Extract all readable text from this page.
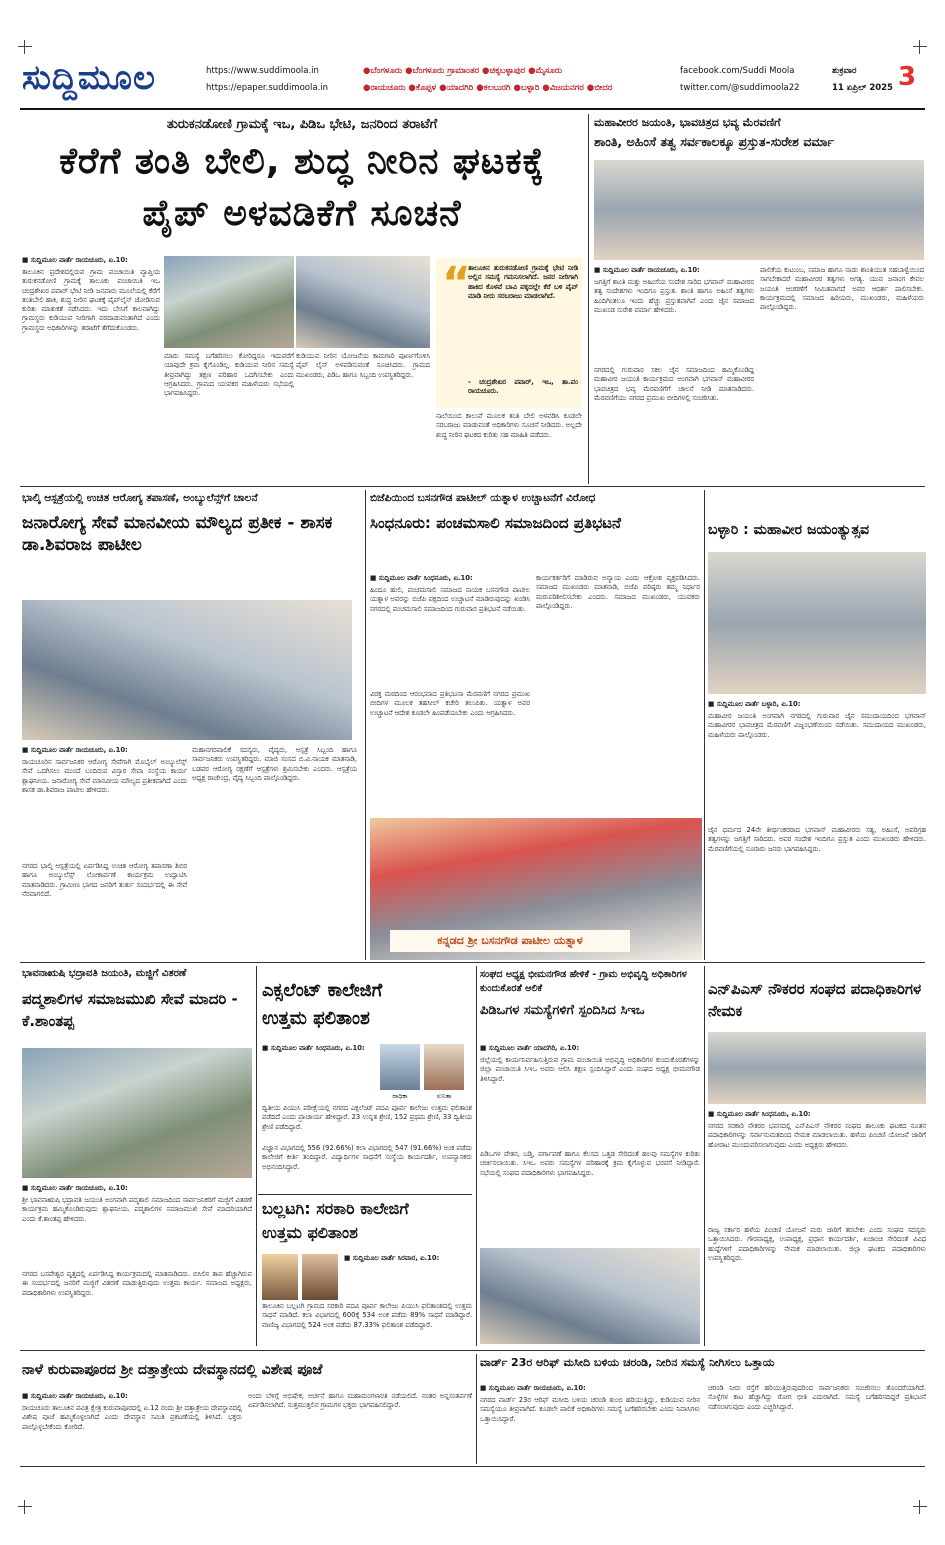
ಸುದ್ದಿಮೂಲ	https://www.suddimoola.in
https://epaper.suddimoola.in
●ಬೆಂಗಳೂರು ●ಬೆಂಗಳೂರು ಗ್ರಾಮಾಂತರ ●ಚಿಕ್ಕಬಳ್ಳಾಪುರ ●ಮೈಸೂರು
●ರಾಯಚೂರು ●ಕೊಪ್ಪಳ ●ಯಾದಗಿರಿ ●ಕಲಬುರಗಿ ●ಬಳ್ಳಾರಿ ●ವಿಜಯನಗರ ●ಬೀದರ
facebook.com/Suddi Moola
twitter.com/@suddimoola22
ಶುಕ್ರವಾರ
11 ಏಪ್ರಿಲ್ 2025 3
ತುರುಕನಡೋಣಿ ಗ್ರಾಮಕ್ಕೆ ಇಒ, ಪಿಡಿಒ ಭೇಟಿ, ಜನರಿಂದ ತರಾಟೆಗೆ
ಕೆರೆಗೆ ತಂತಿ ಬೇಲಿ, ಶುದ್ಧ ನೀರಿನ ಘಟಕಕ್ಕೆ
ಪೈಪ್ ಅಳವಡಿಕೆಗೆ ಸೂಚನೆ
■ ಸುದ್ದಿಮೂಲ ವಾರ್ತೆ ರಾಯಚೂರು, ಏ.10:
ತಾಲೂಕಿನ ಪ್ರದೇಶದಲ್ಲಿರುವ ಗ್ರಾಮ ಪಂಚಾಯಿತಿ ವ್ಯಾಪ್ತಿಯ ತುರುಕನಡೋಣಿ ಗ್ರಾಮಕ್ಕೆ ತಾಲೂಕು ಪಂಚಾಯಿತಿ ಇಒ ಚಂದ್ರಶೇಖರ ಪವಾರ್ ಭೇಟಿ ನೀಡಿ ಜನವಾರು ಮೂಲೆಯಲ್ಲಿ ಕೆರೆಗೆ ತಂತಿಬೇಲಿ ಹಾಕಿ, ಶುದ್ಧ ನೀರಿನ ಘಟಕಕ್ಕೆ ಪೈಪ್‌ಲೈನ್ ಜೋಡಿಸುವ ಕುರಿತು ಮಾತುಕತೆ ನಡೆಸಿದರು. ಇದು ಬೇಸಿಗೆ ಕಾಲವಾಗಿದ್ದು ಗ್ರಾಮಸ್ಥರು ಕುಡಿಯುವ ನೀರಿಗಾಗಿ ಪರದಾಡುವಂತಾಗಿದೆ ಎಂದು ಗ್ರಾಮಸ್ಥರು ಅಧಿಕಾರಿಗಳನ್ನು ತರಾಟೆಗೆ ತೆಗೆದುಕೊಂಡರು.
ಮಾರು ಸಮಸ್ಯೆ ಬಗೆಹರಿಸಲು ಕೋರಿದ್ದರೂ ಇದುವರೆಗೆ ಯಾವುದೇ ಕ್ರಮ ಕೈಗೊಂಡಿಲ್ಲ. ಕುಡಿಯುವ ನೀರಿನ ಸಮಸ್ಯೆ ತೀವ್ರವಾಗಿದ್ದು ತಕ್ಷಣ ಪರಿಹಾರ ಒದಗಿಸಬೇಕು ಎಂದು ಆಗ್ರಹಿಸಿದರು. ಗ್ರಾಮದ ಯುವಕರ ಮಹಿಳೆಯರು ಸಭೆಯಲ್ಲಿ ಭಾಗವಹಿಸಿದ್ದರು.
ಕುಡಿಯುವ ನೀರಿನ ಯೋಜನೆಯ ಕಾಮಗಾರಿ ಪೂರ್ಣಗೊಳಿಸಿ ಪೈಪ್ ಲೈನ್ ಅಳವಡಿಸುವಂತೆ ಸೂಚಿಸಿದರು. ಗ್ರಾಮದ ಮುಖಂಡರು, ಪಿಡಿಒ ಹಾಗೂ ಸಿಬ್ಬಂದಿ ಉಪಸ್ಥಿತರಿದ್ದರು.
“
ತಾಲೂಕಿನ ತುರುಕನಡೋಣಿ ಗ್ರಾಮಕ್ಕೆ ಭೇಟಿ ನೀಡಿ ಅಲ್ಲಿನ ಸಮಸ್ಯೆ ಗಮನಿಸಲಾಗಿದೆ. ಜನರ ನೀರಿಗಾಗಿ ಹಾಕಿದ ಕೊಳವೆ ಬಾವಿ ಪಕ್ಕದಲ್ಲೇ ಕೆರೆ ಬಳಿ ಪೈಪ್ ಮಾಡಿ ನೀರು ಸರಬರಾಜು ಮಾಡಲಾಗಿದೆ.
- ಚಂದ್ರಶೇಖರ ಪವಾರ್, ಇಒ, ತಾ.ಪಂ ರಾಯಚೂರು.
ನಾಲೆಯಿಂದ ಕಾಲುವೆ ಮೂಲಕ ತಂತಿ ಬೇಲಿ ಅಳವಡಿಸಿ ಕೂಡಲೇ ಸರಬರಾಜು ಮಾಡುವಂತೆ ಅಧಿಕಾರಿಗಳು ಸೂಚನೆ ನೀಡಿದರು. ಅಲ್ಲದೇ ಶುದ್ಧ ನೀರಿನ ಘಟಕದ ಕುರಿತು ಸಹ ಮಾಹಿತಿ ಪಡೆದರು.
ಮಹಾವೀರರ ಜಯಂತಿ, ಭಾವಚಿತ್ರದ ಭವ್ಯ ಮೆರವಣಿಗೆ
ಶಾಂತಿ, ಅಹಿಂಸೆ ತತ್ವ ಸರ್ವಕಾಲಕ್ಕೂ ಪ್ರಸ್ತುತ-ಸುರೇಶ ವರ್ಮಾ
■ ಸುದ್ದಿಮೂಲ ವಾರ್ತೆ ರಾಯಚೂರು, ಏ.10:
ಜಗತ್ತಿಗೆ ಶಾಂತಿ ಮತ್ತು ಅಹಿಂಸೆಯ ಸಂದೇಶ ಸಾರಿದ ಭಗವಾನ್ ಮಹಾವೀರರ ತತ್ವ ಸಂದೇಶಗಳು ಇಂದಿಗೂ ಪ್ರಸ್ತುತ. ಶಾಂತಿ ಹಾಗೂ ಅಹಿಂಸೆ ತತ್ವಗಳು ಹಿಂದಿಗಿಂತಲೂ ಇಂದು ಹೆಚ್ಚು ಪ್ರಸ್ತುತವಾಗಿವೆ ಎಂದು ಜೈನ ಸಮಾಜದ ಮುಖಂಡ ಸುರೇಶ ವರ್ಮಾ ಹೇಳಿದರು.
ನಗರದಲ್ಲಿ ಗುರುವಾರ ಸಕಲ ಜೈನ ಸಮಾಜದಿಂದ ಹಮ್ಮಿಕೊಂಡಿದ್ದ ಮಹಾವೀರ ಜಯಂತಿ ಕಾರ್ಯಕ್ರಮದ ಅಂಗವಾಗಿ ಭಗವಾನ್ ಮಹಾವೀರರ ಭಾವಚಿತ್ರದ ಭವ್ಯ ಮೆರವಣಿಗೆಗೆ ಚಾಲನೆ ನೀಡಿ ಮಾತನಾಡಿದರು. ಮೆರವಣಿಗೆಯು ನಗರದ ಪ್ರಮುಖ ಬೀದಿಗಳಲ್ಲಿ ಸಂಚರಿಸಿತು.
ಪಾಲಿಕೆಯ ಕುಟುಂಬ, ಸಮಾಜ ಹಾಗೂ ನಾಡು ಶಾಂತಿಯುತ ಸಹಬಾಳ್ವೆಯಿಂದ ಸಾಗಬೇಕಾದರೆ ಮಹಾವೀರರ ತತ್ವಗಳು ಅಗತ್ಯ. ಯುವ ಜನಾಂಗ ಕೇವಲ ಜಯಂತಿ ಆಚರಣೆಗೆ ಸೀಮಿತವಾಗದೆ ಅವರ ಆದರ್ಶ ಪಾಲಿಸಬೇಕು. ಕಾರ್ಯಕ್ರಮದಲ್ಲಿ ಸಮಾಜದ ಹಿರಿಯರು, ಮುಖಂಡರು, ಮಹಿಳೆಯರು ಪಾಲ್ಗೊಂಡಿದ್ದರು.
ಭಾಲ್ಕಿ ಆಸ್ಪತ್ರೆಯಲ್ಲಿ ಉಚಿತ ಆರೋಗ್ಯ ತಪಾಸಣೆ, ಅಂಬ್ಯುಲೆನ್ಸ್‌ಗೆ ಚಾಲನೆ
ಜನಾರೋಗ್ಯ ಸೇವೆ ಮಾನವೀಯ ಮೌಲ್ಯದ ಪ್ರತೀಕ - ಶಾಸಕ ಡಾ.ಶಿವರಾಜ ಪಾಟೀಲ
■ ಸುದ್ದಿಮೂಲ ವಾರ್ತೆ ರಾಯಚೂರು, ಏ.10:
ರಾಯಚೂರಿನ ಸಾರ್ವಜನಿಕರ ಆರೋಗ್ಯ ಸೇವೆಗಾಗಿ ಮೊಬೈಲ್ ಅಂಬ್ಯುಲೆನ್ಸ್ ಸೇವೆ ಒದಗಿಸಲು ಮುಂದೆ ಬಂದಿರುವ ವಿಸ್ತಾರ ಸೇವಾ ಸಂಸ್ಥೆಯ ಕಾರ್ಯ ಶ್ಲಾಘನೀಯ. ಜನಾರೋಗ್ಯ ಸೇವೆ ಮಾನವೀಯ ಮೌಲ್ಯದ ಪ್ರತೀಕವಾಗಿದೆ ಎಂದು ಶಾಸಕ ಡಾ.ಶಿವರಾಜ ಪಾಟೀಲ ಹೇಳಿದರು.
ನಗರದ ಭಾಲ್ಕಿ ಆಸ್ಪತ್ರೆಯಲ್ಲಿ ಏರ್ಪಡಿಸಿದ್ದ ಉಚಿತ ಆರೋಗ್ಯ ತಪಾಸಣಾ ಶಿಬಿರ ಹಾಗೂ ಅಂಬ್ಯುಲೆನ್ಸ್ ಲೋಕಾರ್ಪಣೆ ಕಾರ್ಯಕ್ರಮ ಉದ್ಘಾಟಿಸಿ ಮಾತನಾಡಿದರು. ಗ್ರಾಮೀಣ ಭಾಗದ ಜನರಿಗೆ ತುರ್ತು ಸಂದರ್ಭದಲ್ಲಿ ಈ ಸೇವೆ ನೆರವಾಗಲಿದೆ.
ಮಹಾನಗರಪಾಲಿಕೆ ಸದಸ್ಯರು, ವೈದ್ಯರು, ಆಸ್ಪತ್ರೆ ಸಿಬ್ಬಂದಿ ಹಾಗೂ ಸಾರ್ವಜನಿಕರು ಉಪಸ್ಥಿತರಿದ್ದರು. ಮಾಜಿ ಸಂಸದ ಬಿ.ವಿ.ನಾಯಕ ಮಾತನಾಡಿ, ಬಡವರ ಆರೋಗ್ಯ ರಕ್ಷಣೆಗೆ ಆಸ್ಪತ್ರೆಗಳು ಶ್ರಮಿಸಬೇಕು ಎಂದರು. ಆಸ್ಪತ್ರೆಯ ಅಧ್ಯಕ್ಷ ರಾಜೇಂದ್ರ, ವೈದ್ಯ ಸಿಬ್ಬಂದಿ ಪಾಲ್ಗೊಂಡಿದ್ದರು.
ಬಿಜೆಪಿಯಿಂದ ಬಸನಗೌಡ ಪಾಟೀಲ್ ಯತ್ನಾಳ ಉಚ್ಚಾಟನೆಗೆ ವಿರೋಧ
ಸಿಂಧನೂರು: ಪಂಚಮಸಾಲಿ ಸಮಾಜದಿಂದ ಪ್ರತಿಭಟನೆ
■ ಸುದ್ದಿಮೂಲ ವಾರ್ತೆ ಸಿಂಧನೂರು, ಏ.10:
ಹಿಂದೂ ಹುಲಿ, ಪಂಚಮಸಾಲಿ ಸಮಾಜದ ನಾಯಕ ಬಸನಗೌಡ ಪಾಟೀಲ ಯತ್ನಾಳ ಅವರನ್ನು ಬಿಜೆಪಿ ಪಕ್ಷದಿಂದ ಉಚ್ಚಾಟನೆ ಮಾಡಿರುವುದನ್ನು ಖಂಡಿಸಿ ನಗರದಲ್ಲಿ ಪಂಚಮಸಾಲಿ ಸಮಾಜದಿಂದ ಗುರುವಾರ ಪ್ರತಿಭಟನೆ ನಡೆಯಿತು.
ವಿರಕ್ತ ಮಠದಿಂದ ಆರಂಭವಾದ ಪ್ರತಿಭಟನಾ ಮೆರವಣಿಗೆ ನಗರದ ಪ್ರಮುಖ ಬೀದಿಗಳ ಮೂಲಕ ತಹಸೀಲ್ ಕಚೇರಿ ತಲುಪಿತು. ಯತ್ನಾಳ ಅವರ ಉಚ್ಚಾಟನೆ ಆದೇಶ ಕೂಡಲೇ ಹಿಂಪಡೆಯಬೇಕು ಎಂದು ಆಗ್ರಹಿಸಿದರು.
ಕಾರ್ಯಕರ್ತರಿಗೆ ಮಾಡಿರುವ ಅನ್ಯಾಯ ಎಂದು ಆಕ್ರೋಶ ವ್ಯಕ್ತಪಡಿಸಿದರು. ಸಮಾಜದ ಮುಖಂಡರು ಮಾತನಾಡಿ, ಬಿಜೆಪಿ ವರಿಷ್ಠರು ತಮ್ಮ ನಿರ್ಧಾರ ಮರುಪರಿಶೀಲಿಸಬೇಕು ಎಂದರು. ಸಮಾಜದ ಮುಖಂಡರು, ಯುವಕರು ಪಾಲ್ಗೊಂಡಿದ್ದರು.
ಕನ್ನಡದ ಶ್ರೀ ಬಸನಗೌಡ ಪಾಟೀಲ ಯತ್ನಾಳ
ಬಳ್ಳಾರಿ : ಮಹಾವೀರ ಜಯಂತ್ಯುತ್ಸವ
■ ಸುದ್ದಿಮೂಲ ವಾರ್ತೆ ಬಳ್ಳಾರಿ, ಏ.10:
ಮಹಾವೀರ ಜಯಂತಿ ಅಂಗವಾಗಿ ನಗರದಲ್ಲಿ ಗುರುವಾರ ಜೈನ ಸಮುದಾಯದಿಂದ ಭಗವಾನ್ ಮಹಾವೀರರ ಭಾವಚಿತ್ರದ ಮೆರವಣಿಗೆ ವಿಜೃಂಭಣೆಯಿಂದ ನಡೆಯಿತು. ಸಮುದಾಯದ ಮುಖಂಡರು, ಮಹಿಳೆಯರು ಪಾಲ್ಗೊಂಡರು.
ಜೈನ ಧರ್ಮದ 24ನೇ ತೀರ್ಥಂಕರರಾದ ಭಗವಾನ್ ಮಹಾವೀರರು ಸತ್ಯ, ಅಹಿಂಸೆ, ಅಪರಿಗ್ರಹ ತತ್ವಗಳನ್ನು ಜಗತ್ತಿಗೆ ಸಾರಿದರು. ಅವರ ಸಂದೇಶ ಇಂದಿಗೂ ಪ್ರಸ್ತುತ ಎಂದು ಮುಖಂಡರು ಹೇಳಿದರು. ಮೆರವಣಿಗೆಯಲ್ಲಿ ನೂರಾರು ಜನರು ಭಾಗವಹಿಸಿದ್ದರು.
ಭಾವನಾಋಷಿ ಭದ್ರಾವತಿ ಜಯಂತಿ, ಮಜ್ಜಿಗೆ ವಿತರಣೆ
ಪದ್ಮಶಾಲಿಗಳ ಸಮಾಜಮುಖಿ ಸೇವೆ ಮಾದರಿ - ಕೆ.ಶಾಂತಪ್ಪ
■ ಸುದ್ದಿಮೂಲ ವಾರ್ತೆ ರಾಯಚೂರು, ಏ.10:
ಶ್ರೀ ಭಾವನಾಋಷಿ ಭದ್ರಾವತಿ ಜಯಂತಿ ಅಂಗವಾಗಿ ಪದ್ಮಶಾಲಿ ಸಮಾಜದಿಂದ ಸಾರ್ವಜನಿಕರಿಗೆ ಮಜ್ಜಿಗೆ ವಿತರಣೆ ಕಾರ್ಯಕ್ರಮ ಹಮ್ಮಿಕೊಂಡಿರುವುದು ಶ್ಲಾಘನೀಯ. ಪದ್ಮಶಾಲಿಗಳ ಸಮಾಜಮುಖಿ ಸೇವೆ ಮಾದರಿಯಾಗಿದೆ ಎಂದು ಕೆ.ಶಾಂತಪ್ಪ ಹೇಳಿದರು.
ನಗರದ ಬಸವೇಶ್ವರ ವೃತ್ತದಲ್ಲಿ ಏರ್ಪಡಿಸಿದ್ದ ಕಾರ್ಯಕ್ರಮದಲ್ಲಿ ಮಾತನಾಡಿದರು. ಬಿಸಿಲಿನ ತಾಪ ಹೆಚ್ಚಾಗಿರುವ ಈ ಸಂದರ್ಭದಲ್ಲಿ ಜನರಿಗೆ ಮಜ್ಜಿಗೆ ವಿತರಣೆ ಮಾಡುತ್ತಿರುವುದು ಉತ್ತಮ ಕಾರ್ಯ. ಸಮಾಜದ ಅಧ್ಯಕ್ಷರು, ಪದಾಧಿಕಾರಿಗಳು ಉಪಸ್ಥಿತರಿದ್ದರು.
ಎಕ್ಸಲೆಂಟ್ ಕಾಲೇಜಿಗೆ
ಉತ್ತಮ ಫಲಿತಾಂಶ
■ ಸುದ್ದಿಮೂಲ ವಾರ್ತೆ ಸಿಂಧನೂರು, ಏ.10:
ರಾಧಿಕಾ	ಸುನಿತಾ
ದ್ವಿತೀಯ ಪಿಯುಸಿ ಪರೀಕ್ಷೆಯಲ್ಲಿ ನಗರದ ಎಕ್ಸಲೆಂಟ್ ಪದವಿ ಪೂರ್ವ ಕಾಲೇಜು ಉತ್ತಮ ಫಲಿತಾಂಶ ಪಡೆದಿದೆ ಎಂದು ಪ್ರಾಚಾರ್ಯ ಹೇಳಿದ್ದಾರೆ. 23 ಉನ್ನತ ಶ್ರೇಣಿ, 152 ಪ್ರಥಮ ಶ್ರೇಣಿ, 33 ದ್ವಿತೀಯ ಶ್ರೇಣಿ ಪಡೆದಿದ್ದಾರೆ.
ವಿಜ್ಞಾನ ವಿಭಾಗದಲ್ಲಿ 556 (92.66%) ಕಲಾ ವಿಭಾಗದಲ್ಲಿ 547 (91.66%) ಅಂಕ ಪಡೆದು ಕಾಲೇಜಿಗೆ ಕೀರ್ತಿ ತಂದಿದ್ದಾರೆ. ವಿದ್ಯಾರ್ಥಿಗಳ ಸಾಧನೆಗೆ ಸಂಸ್ಥೆಯ ಕಾರ್ಯದರ್ಶಿ, ಉಪನ್ಯಾಸಕರು ಅಭಿನಂದಿಸಿದ್ದಾರೆ.
ಬಲ್ಲಟಗಿ: ಸರಕಾರಿ ಕಾಲೇಜಿಗೆ
ಉತ್ತಮ ಫಲಿತಾಂಶ
■ ಸುದ್ದಿಮೂಲ ವಾರ್ತೆ ಸಿರವಾರ, ಏ.10:
ತಾಲೂಕಿನ ಬಲ್ಲಟಗಿ ಗ್ರಾಮದ ಸರಕಾರಿ ಪದವಿ ಪೂರ್ವ ಕಾಲೇಜು ಪಿಯುಸಿ ಫಲಿತಾಂಶದಲ್ಲಿ ಉತ್ತಮ ಸಾಧನೆ ಮಾಡಿದೆ. ಕಲಾ ವಿಭಾಗದಲ್ಲಿ 600ಕ್ಕೆ 534 ಅಂಕ ಪಡೆದು 89% ಸಾಧನೆ ಮಾಡಿದ್ದಾರೆ. ವಾಣಿಜ್ಯ ವಿಭಾಗದಲ್ಲಿ 524 ಅಂಕ ಪಡೆದು 87.33% ಫಲಿತಾಂಶ ಪಡೆದಿದ್ದಾರೆ.
ಸಂಘದ ಅಧ್ಯಕ್ಷ ಭೀಮನಗೌಡ ಹೇಳಿಕೆ - ಗ್ರಾಮ ಅಭಿವೃದ್ಧಿ ಅಧಿಕಾರಿಗಳ ಕುಂದುಕೊರತೆ ಆಲಿಕೆ
ಪಿಡಿಒಗಳ ಸಮಸ್ಯೆಗಳಿಗೆ ಸ್ಪಂದಿಸಿದ ಸಿಇಒ
■ ಸುದ್ದಿಮೂಲ ವಾರ್ತೆ ಯಾದಗಿರಿ, ಏ.10:
ಜಿಲ್ಲೆಯಲ್ಲಿ ಕಾರ್ಯನಿರ್ವಹಿಸುತ್ತಿರುವ ಗ್ರಾಮ ಪಂಚಾಯಿತಿ ಅಭಿವೃದ್ಧಿ ಅಧಿಕಾರಿಗಳ ಕುಂದುಕೊರತೆಗಳನ್ನು ಜಿಲ್ಲಾ ಪಂಚಾಯಿತಿ ಸಿಇಒ ಅವರು ಆಲಿಸಿ ತಕ್ಷಣ ಸ್ಪಂದಿಸಿದ್ದಾರೆ ಎಂದು ಸಂಘದ ಅಧ್ಯಕ್ಷ ಭೀಮನಗೌಡ ತಿಳಿಸಿದ್ದಾರೆ.
ಪಿಡಿಒಗಳ ವೇತನ, ಬಡ್ತಿ, ವರ್ಗಾವಣೆ ಹಾಗೂ ಕೆಲಸದ ಒತ್ತಡ ಸೇರಿದಂತೆ ಹಲವು ಸಮಸ್ಯೆಗಳ ಕುರಿತು ಚರ್ಚಿಸಲಾಯಿತು. ಸಿಇಒ ಅವರು ಸಮಸ್ಯೆಗಳ ಪರಿಹಾರಕ್ಕೆ ಕ್ರಮ ಕೈಗೊಳ್ಳುವ ಭರವಸೆ ನೀಡಿದ್ದಾರೆ. ಸಭೆಯಲ್ಲಿ ಸಂಘದ ಪದಾಧಿಕಾರಿಗಳು ಭಾಗವಹಿಸಿದ್ದರು.
ಎನ್‌ಪಿಎಸ್ ನೌಕರರ ಸಂಘದ ಪದಾಧಿಕಾರಿಗಳ ನೇಮಕ
■ ಸುದ್ದಿಮೂಲ ವಾರ್ತೆ ಸಿಂಧನೂರು, ಏ.10:
ನಗರದ ಸರಕಾರಿ ನೌಕರರ ಭವನದಲ್ಲಿ ಎನ್‌ಪಿಎಸ್ ನೌಕರರ ಸಂಘದ ತಾಲೂಕು ಘಟಕದ ನೂತನ ಪದಾಧಿಕಾರಿಗಳನ್ನು ಸರ್ವಾನುಮತದಿಂದ ನೇಮಕ ಮಾಡಲಾಯಿತು. ಹಳೆಯ ಪಿಂಚಣಿ ಯೋಜನೆ ಜಾರಿಗೆ ಹೋರಾಟ ಮುಂದುವರಿಸಲಾಗುವುದು ಎಂದು ಅಧ್ಯಕ್ಷರು ಹೇಳಿದರು.
ರಾಜ್ಯ ಸರ್ಕಾರ ಹಳೆಯ ಪಿಂಚಣಿ ಯೋಜನೆ ಮರು ಜಾರಿಗೆ ತರಬೇಕು ಎಂದು ಸಂಘದ ಸದಸ್ಯರು ಒತ್ತಾಯಿಸಿದರು. ಗೌರವಾಧ್ಯಕ್ಷ, ಉಪಾಧ್ಯಕ್ಷ, ಪ್ರಧಾನ ಕಾರ್ಯದರ್ಶಿ, ಖಜಾಂಚಿ ಸೇರಿದಂತೆ ವಿವಿಧ ಹುದ್ದೆಗಳಿಗೆ ಪದಾಧಿಕಾರಿಗಳನ್ನು ನೇಮಕ ಮಾಡಲಾಯಿತು. ಜಿಲ್ಲಾ ಘಟಕದ ಪದಾಧಿಕಾರಿಗಳು ಉಪಸ್ಥಿತರಿದ್ದರು.
ನಾಳೆ ಕುರುವಾಪೂರದ ಶ್ರೀ ದತ್ತಾತ್ರೇಯ ದೇವಸ್ಥಾನದಲ್ಲಿ ವಿಶೇಷ ಪೂಜೆ
■ ಸುದ್ದಿಮೂಲ ವಾರ್ತೆ ರಾಯಚೂರು, ಏ.10:
ರಾಯಚೂರು ತಾಲೂಕಿನ ಪವಿತ್ರ ಕ್ಷೇತ್ರ ಕುರುವಾಪೂರದಲ್ಲಿ ಏ.12 ರಂದು ಶ್ರೀ ದತ್ತಾತ್ರೇಯ ದೇವಸ್ಥಾನದಲ್ಲಿ ವಿಶೇಷ ಪೂಜೆ ಹಮ್ಮಿಕೊಳ್ಳಲಾಗಿದೆ ಎಂದು ದೇವಸ್ಥಾನ ಸಮಿತಿ ಪ್ರಕಟಣೆಯಲ್ಲಿ ತಿಳಿಸಿದೆ. ಭಕ್ತರು ಪಾಲ್ಗೊಳ್ಳಬೇಕೆಂದು ಕೋರಿದೆ.
ಅಂದು ಬೆಳಿಗ್ಗೆ ಅಭಿಷೇಕ, ಅರ್ಚನೆ ಹಾಗೂ ಮಹಾಮಂಗಳಾರತಿ ನಡೆಯಲಿದೆ. ನಂತರ ಅನ್ನಸಂತರ್ಪಣೆ ಏರ್ಪಡಿಸಲಾಗಿದೆ. ಸುತ್ತಮುತ್ತಲಿನ ಗ್ರಾಮಗಳ ಭಕ್ತರು ಭಾಗವಹಿಸಲಿದ್ದಾರೆ.
ವಾರ್ಡ್ 23ರ ಆರಿಫ್ ಮಸೀದಿ ಬಳಿಯ ಚರಂಡಿ, ನೀರಿನ ಸಮಸ್ಯೆ ನೀಗಿಸಲು ಒತ್ತಾಯ
■ ಸುದ್ದಿಮೂಲ ವಾರ್ತೆ ರಾಯಚೂರು, ಏ.10:
ನಗರದ ವಾರ್ಡ್ 23ರ ಆರಿಫ್ ಮಸೀದಿ ಬಳಿಯ ಚರಂಡಿ ತುಂಬಿ ಹರಿಯುತ್ತಿದ್ದು, ಕುಡಿಯುವ ನೀರಿನ ಸಮಸ್ಯೆಯೂ ತೀವ್ರವಾಗಿದೆ. ಕೂಡಲೇ ಪಾಲಿಕೆ ಅಧಿಕಾರಿಗಳು ಸಮಸ್ಯೆ ಬಗೆಹರಿಸಬೇಕು ಎಂದು ನಿವಾಸಿಗಳು ಒತ್ತಾಯಿಸಿದ್ದಾರೆ.
ಚರಂಡಿ ನೀರು ರಸ್ತೆಗೆ ಹರಿಯುತ್ತಿರುವುದರಿಂದ ಸಾರ್ವಜನಿಕರು ಸಂಚರಿಸಲು ತೊಂದರೆಯಾಗಿದೆ. ಸೊಳ್ಳೆಗಳ ಕಾಟ ಹೆಚ್ಚಾಗಿದ್ದು ರೋಗ ಭೀತಿ ಎದುರಾಗಿದೆ. ಸಮಸ್ಯೆ ಬಗೆಹರಿಸದಿದ್ದರೆ ಪ್ರತಿಭಟನೆ ನಡೆಸಲಾಗುವುದು ಎಂದು ಎಚ್ಚರಿಸಿದ್ದಾರೆ.
